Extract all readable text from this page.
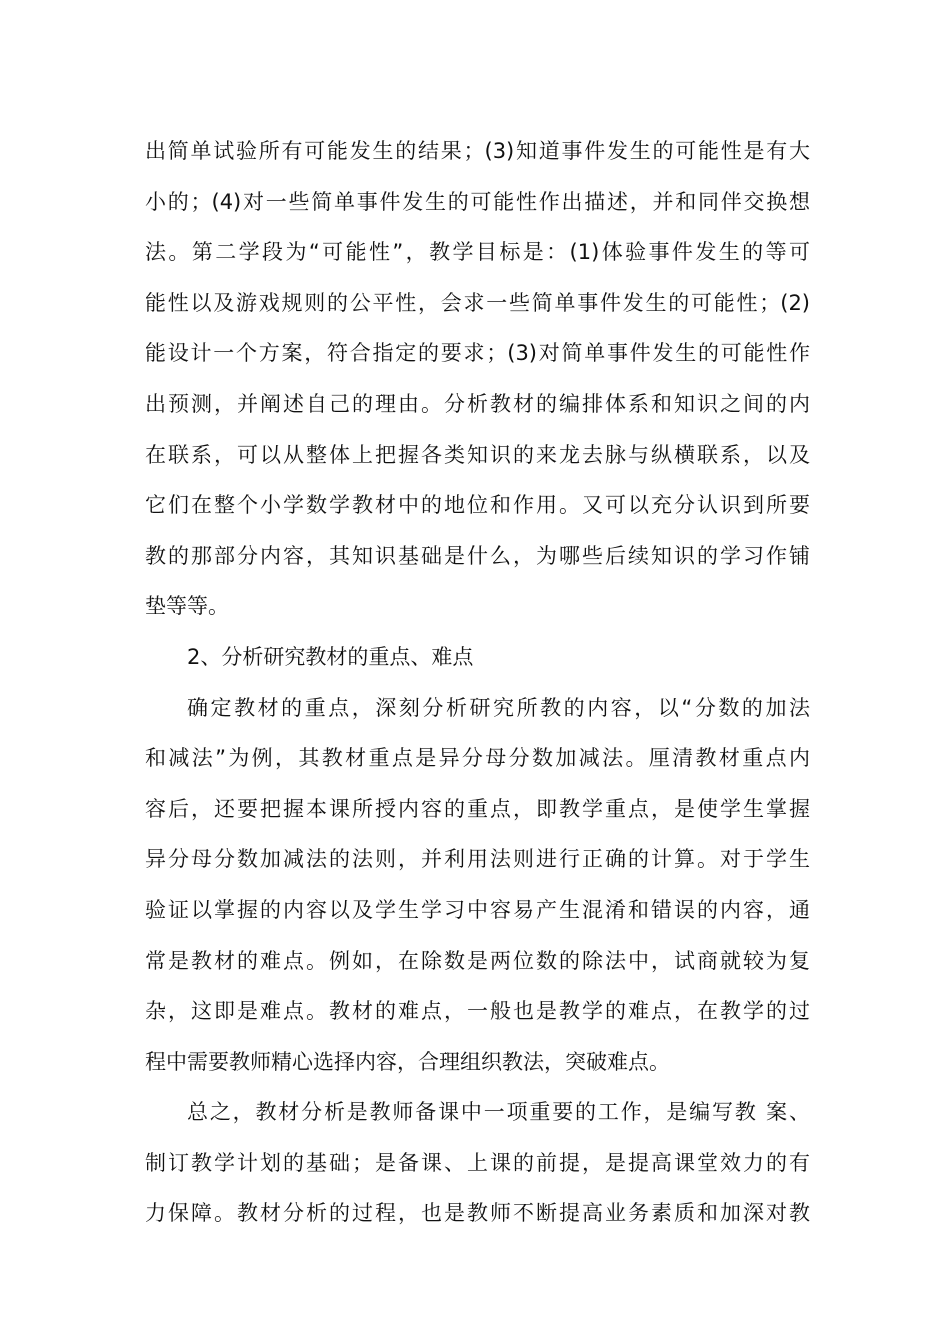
出简单试验所有可能发生的结果；(3)知道事件发生的可能性是有大
小的；(4)对一些简单事件发生的可能性作出描述，并和同伴交换想
法。第二学段为“可能性”，教学目标是：(1)体验事件发生的等可
能性以及游戏规则的公平性，会求一些简单事件发生的可能性；(2)
能设计一个方案，符合指定的要求；(3)对简单事件发生的可能性作
出预测，并阐述自己的理由。分析教材的编排体系和知识之间的内
在联系，可以从整体上把握各类知识的来龙去脉与纵横联系，以及
它们在整个小学数学教材中的地位和作用。又可以充分认识到所要
教的那部分内容，其知识基础是什么，为哪些后续知识的学习作铺
垫等等。
2、分析研究教材的重点、难点
确定教材的重点，深刻分析研究所教的内容，以“分数的加法
和减法”为例，其教材重点是异分母分数加减法。厘清教材重点内
容后，还要把握本课所授内容的重点，即教学重点，是使学生掌握
异分母分数加减法的法则，并利用法则进行正确的计算。对于学生
验证以掌握的内容以及学生学习中容易产生混淆和错误的内容，通
常是教材的难点。例如，在除数是两位数的除法中，试商就较为复
杂，这即是难点。教材的难点，一般也是教学的难点，在教学的过
程中需要教师精心选择内容，合理组织教法，突破难点。
总之，教材分析是教师备课中一项重要的工作，是编写教 案、
制订教学计划的基础；是备课、上课的前提，是提高课堂效力的有
力保障。教材分析的过程，也是教师不断提高业务素质和加深对教
